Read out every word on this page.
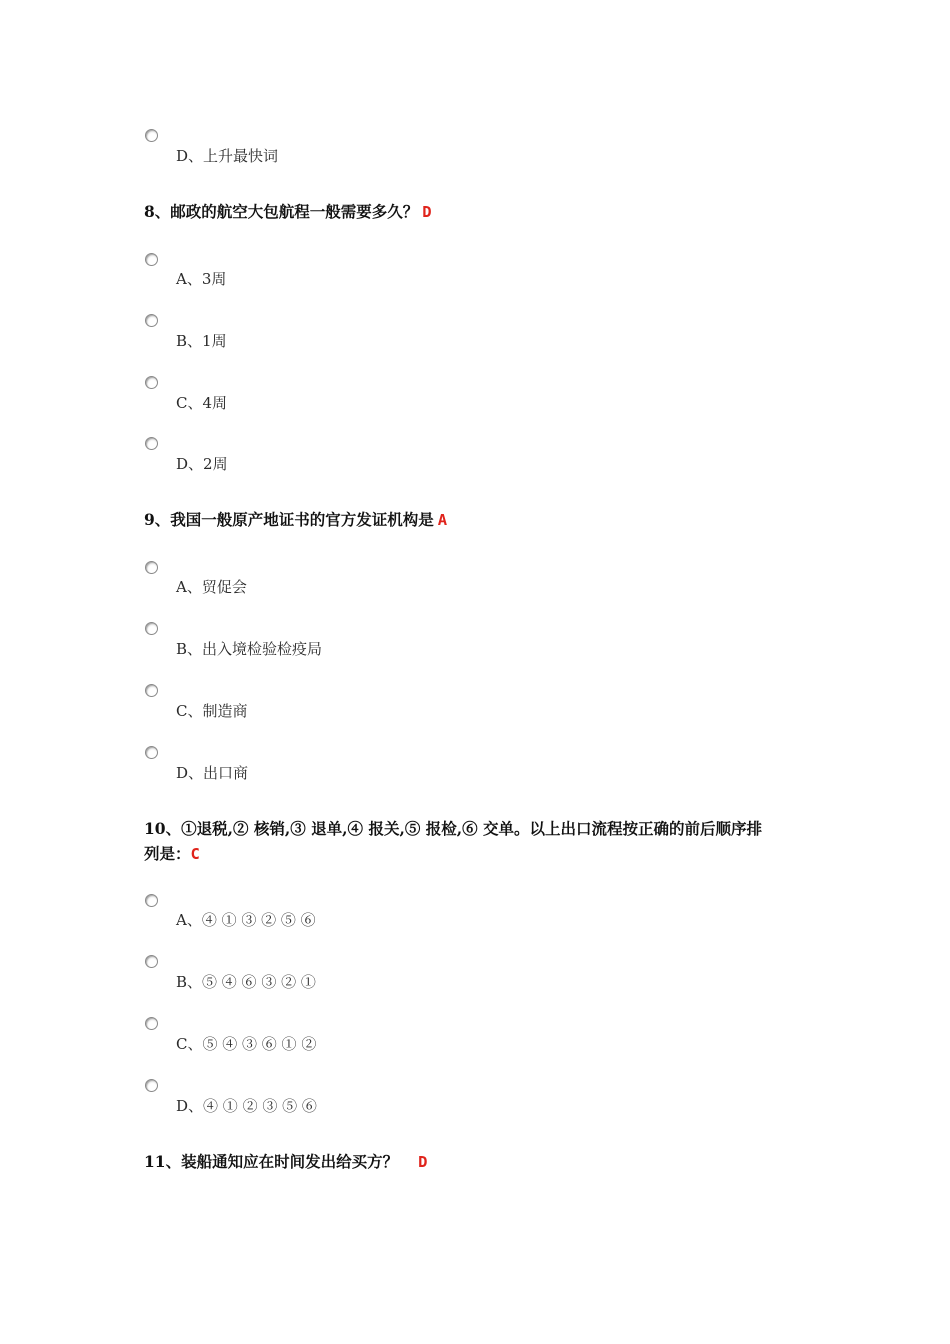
D、上升最快词
8、邮政的航空大包航程一般需要多久？ D
A、3周
B、1周
C、4周
D、2周
9、我国一般原产地证书的官方发证机构是 A
A、贸促会
B、出入境检验检疫局
C、制造商
D、出口商
10、①退税,② 核销,③ 退单,④ 报关,⑤ 报检,⑥ 交单。以上出口流程按正确的前后顺序排
列是：C
A、④ ① ③ ② ⑤ ⑥
B、⑤ ④ ⑥ ③ ② ①
C、⑤ ④ ③ ⑥ ① ②
D、④ ① ② ③ ⑤ ⑥
11、装船通知应在时间发出给买方？ D
